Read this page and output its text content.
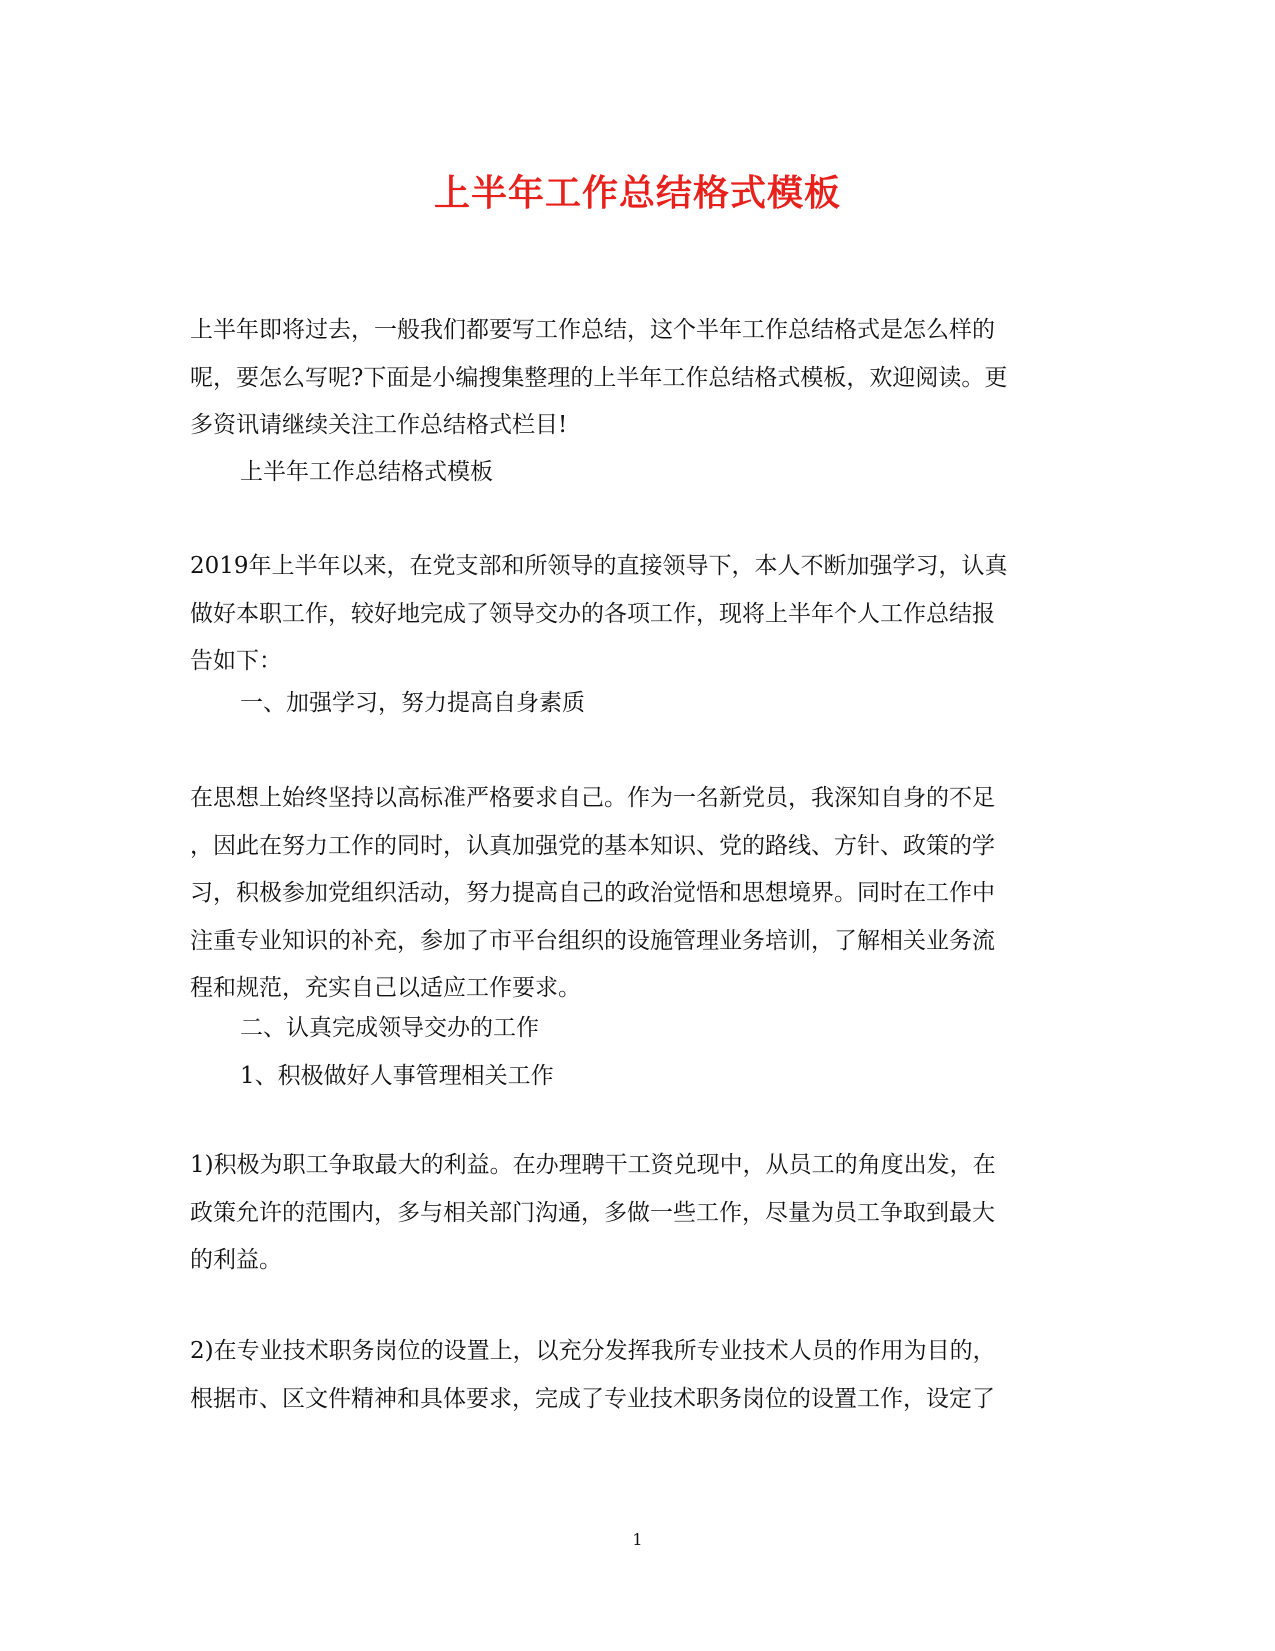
上半年工作总结格式模板
上半年即将过去，一般我们都要写工作总结，这个半年工作总结格式是怎么样的
呢，要怎么写呢?下面是小编搜集整理的上半年工作总结格式模板，欢迎阅读。更
多资讯请继续关注工作总结格式栏目!
上半年工作总结格式模板
2019年上半年以来，在党支部和所领导的直接领导下，本人不断加强学习，认真
做好本职工作，较好地完成了领导交办的各项工作，现将上半年个人工作总结报
告如下：
一、加强学习，努力提高自身素质
在思想上始终坚持以高标准严格要求自己。作为一名新党员，我深知自身的不足
，因此在努力工作的同时，认真加强党的基本知识、党的路线、方针、政策的学
习，积极参加党组织活动，努力提高自己的政治觉悟和思想境界。同时在工作中
注重专业知识的补充，参加了市平台组织的设施管理业务培训，了解相关业务流
程和规范，充实自己以适应工作要求。
二、认真完成领导交办的工作
1、积极做好人事管理相关工作
1)积极为职工争取最大的利益。在办理聘干工资兑现中，从员工的角度出发，在
政策允许的范围内，多与相关部门沟通，多做一些工作，尽量为员工争取到最大
的利益。
2)在专业技术职务岗位的设置上，以充分发挥我所专业技术人员的作用为目的，
根据市、区文件精神和具体要求，完成了专业技术职务岗位的设置工作，设定了
1
